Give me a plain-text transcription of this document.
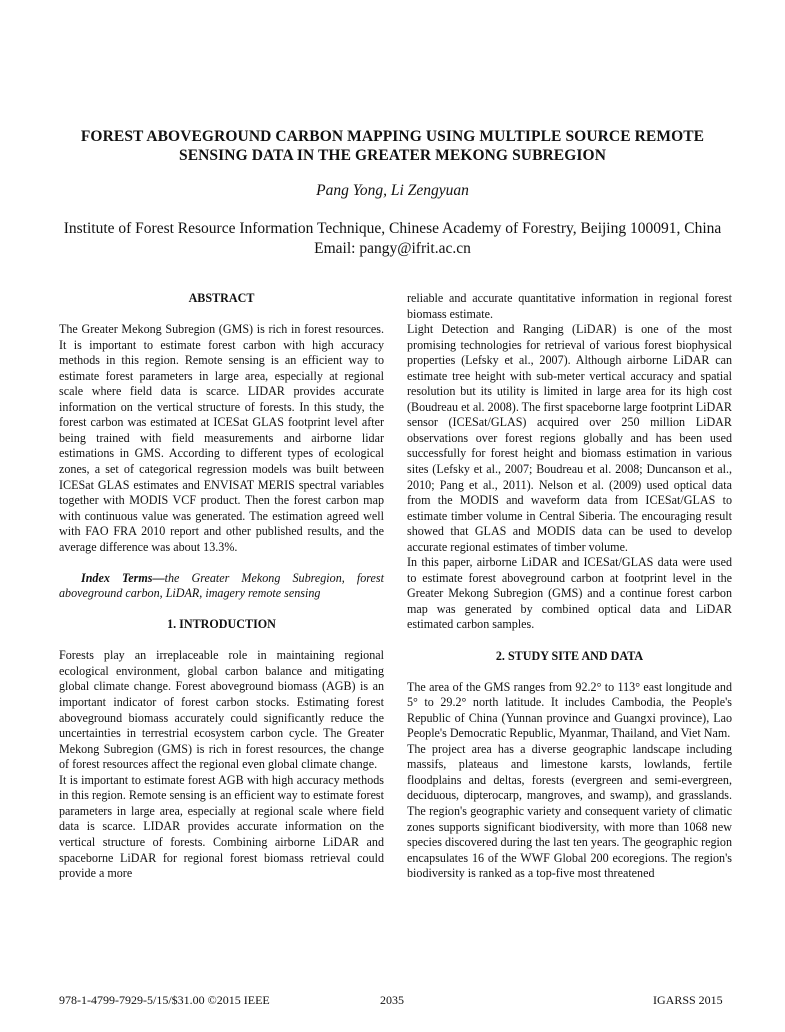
FOREST ABOVEGROUND CARBON MAPPING USING MULTIPLE SOURCE REMOTE
SENSING DATA IN THE GREATER MEKONG SUBREGION
Pang Yong, Li Zengyuan
Institute of Forest Resource Information Technique, Chinese Academy of Forestry, Beijing 100091, China
Email: pangy@ifrit.ac.cn

ABSTRACT

The Greater Mekong Subregion (GMS) is rich in forest resources. It is important to estimate forest carbon with high accuracy methods in this region. Remote sensing is an efficient way to estimate forest parameters in large area, especially at regional scale where field data is scarce. LIDAR provides accurate information on the vertical structure of forests. In this study, the forest carbon was estimated at ICESat GLAS footprint level after being trained with field measurements and airborne lidar estimations in GMS. According to different types of ecological zones, a set of categorical regression models was built between ICESat GLAS estimates and ENVISAT MERIS spectral variables together with MODIS VCF product. Then the forest carbon map with continuous value was generated. The estimation agreed well with FAO FRA 2010 report and other published results, and the average difference was about 13.3%.

Index Terms—the Greater Mekong Subregion, forest aboveground carbon, LiDAR, imagery remote sensing

1. INTRODUCTION

Forests play an irreplaceable role in maintaining regional ecological environment, global carbon balance and mitigating global climate change. Forest aboveground biomass (AGB) is an important indicator of forest carbon stocks. Estimating forest aboveground biomass accurately could significantly reduce the uncertainties in terrestrial ecosystem carbon cycle. The Greater Mekong Subregion (GMS) is rich in forest resources, the change of forest resources affect the regional even global climate change.

It is important to estimate forest AGB with high accuracy methods in this region. Remote sensing is an efficient way to estimate forest parameters in large area, especially at regional scale where field data is scarce. LIDAR provides accurate information on the vertical structure of forests. Combining airborne LiDAR and spaceborne LiDAR for regional forest biomass retrieval could provide a more

reliable and accurate quantitative information in regional forest biomass estimate.

Light Detection and Ranging (LiDAR) is one of the most promising technologies for retrieval of various forest biophysical properties (Lefsky et al., 2007). Although airborne LiDAR can estimate tree height with sub-meter vertical accuracy and spatial resolution but its utility is limited in large area for its high cost (Boudreau et al. 2008). The first spaceborne large footprint LiDAR sensor (ICESat/GLAS) acquired over 250 million LiDAR observations over forest regions globally and has been used successfully for forest height and biomass estimation in various sites (Lefsky et al., 2007; Boudreau et al. 2008; Duncanson et al., 2010; Pang et al., 2011). Nelson et al. (2009) used optical data from the MODIS and waveform data from ICESat/GLAS to estimate timber volume in Central Siberia. The encouraging result showed that GLAS and MODIS data can be used to develop accurate regional estimates of timber volume.

In this paper, airborne LiDAR and ICESat/GLAS data were used to estimate forest aboveground carbon at footprint level in the Greater Mekong Subregion (GMS) and a continue forest carbon map was generated by combined optical data and LiDAR estimated carbon samples.

2. STUDY SITE AND DATA

The area of the GMS ranges from 92.2° to 113° east longitude and 5° to 29.2° north latitude. It includes Cambodia, the People's Republic of China (Yunnan province and Guangxi province), Lao People's Democratic Republic, Myanmar, Thailand, and Viet Nam.

The project area has a diverse geographic landscape including massifs, plateaus and limestone karsts, lowlands, fertile floodplains and deltas, forests (evergreen and semi-evergreen, deciduous, dipterocarp, mangroves, and swamp), and grasslands. The region's geographic variety and consequent variety of climatic zones supports significant biodiversity, with more than 1068 new species discovered during the last ten years. The geographic region encapsulates 16 of the WWF Global 200 ecoregions. The region's biodiversity is ranked as a top-five most threatened

978-1-4799-7929-5/15/$31.00 ©2015 IEEE	2035	IGARSS 2015
